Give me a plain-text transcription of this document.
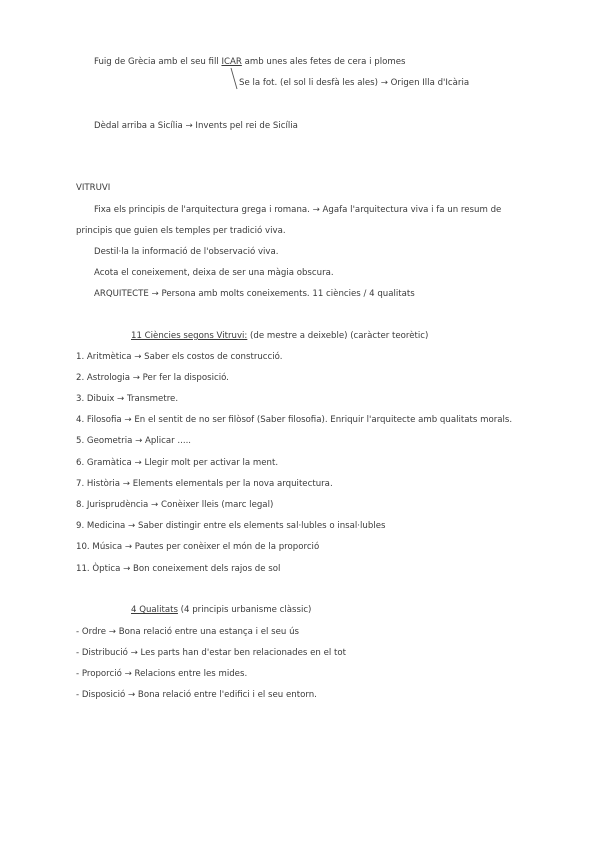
Fuig de Grècia amb el seu fill ICAR amb unes ales fetes de cera i plomes
Se la fot. (el sol li desfà les ales) → Origen Illa d'Icària
Dèdal arriba a Sicília → Invents pel rei de Sicília
VITRUVI
Fixa els principis de l'arquitectura grega i romana. → Agafa l'arquitectura viva i fa un resum de
principis que guien els temples per tradició viva.
Destil·la la informació de l'observació viva.
Acota el coneixement, deixa de ser una màgia obscura.
ARQUITECTE → Persona amb molts coneixements. 11 ciències / 4 qualitats
11 Ciències segons Vitruvi: (de mestre a deixeble) (caràcter teorètic)
1. Aritmètica → Saber els costos de construcció.
2. Astrologia → Per fer la disposició.
3. Dibuix → Transmetre.
4. Filosofia → En el sentit de no ser filòsof (Saber filosofia). Enriquir l'arquitecte amb qualitats morals.
5. Geometria → Aplicar .....
6. Gramàtica → Llegir molt per activar la ment.
7. Història → Elements elementals per la nova arquitectura.
8. Jurisprudència → Conèixer lleis (marc legal)
9. Medicina → Saber distingir entre els elements sal·lubles o insal·lubles
10. Música → Pautes per conèixer el món de la proporció
11. Òptica → Bon coneixement dels rajos de sol
4 Qualitats (4 principis urbanisme clàssic)
- Ordre → Bona relació entre una estança i el seu ús
- Distribució → Les parts han d'estar ben relacionades en el tot
- Proporció → Relacions entre les mides.
- Disposició → Bona relació entre l'edifici i el seu entorn.
